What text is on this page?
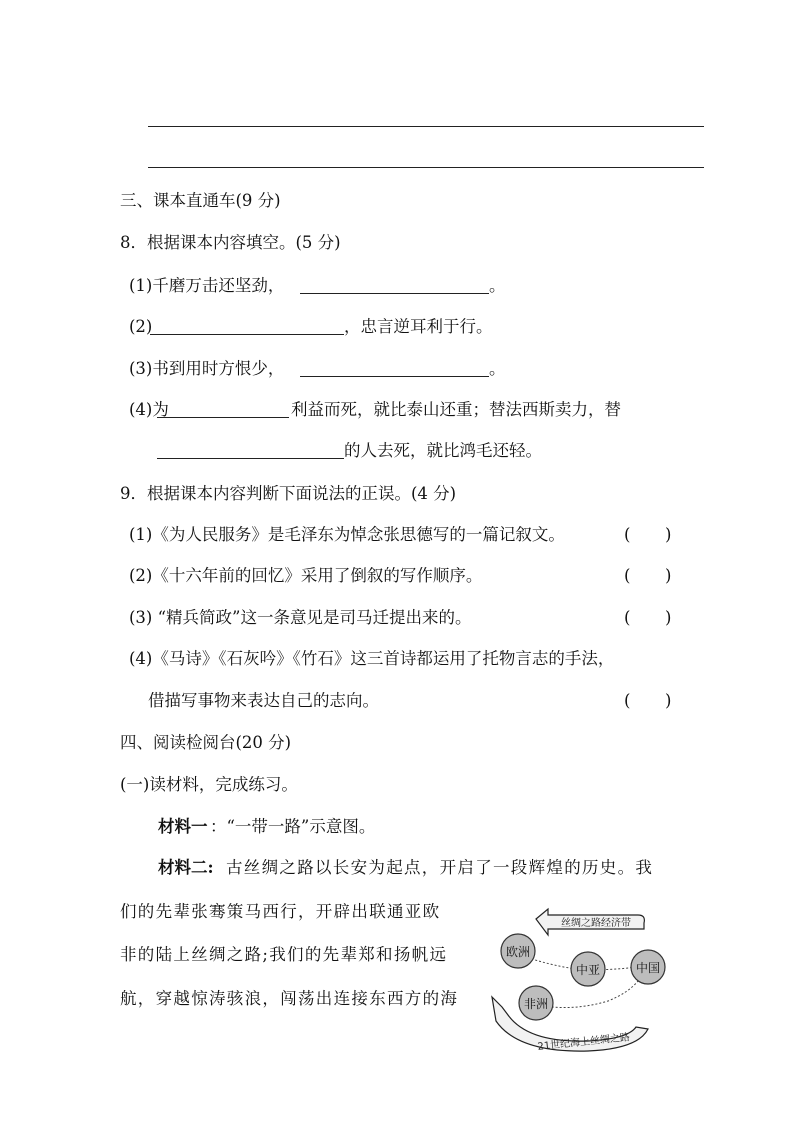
三、课本直通车(9 分)
8．根据课本内容填空。(5 分)
(1)千磨万击还坚劲，	。
(2)	，忠言逆耳利于行。
(3)书到用时方恨少，	。
(4)为	利益而死，就比泰山还重；替法西斯卖力，替
的人去死，就比鸿毛还轻。
9．根据课本内容判断下面说法的正误。(4 分)
(1)《为人民服务》是毛泽东为悼念张思德写的一篇记叙文。	( )
(2)《十六年前的回忆》采用了倒叙的写作顺序。	( )
(3) “精兵简政”这一条意见是司马迁提出来的。	( )
(4)《马诗》《石灰吟》《竹石》这三首诗都运用了托物言志的手法，
借描写事物来表达自己的志向。	( )
四、阅读检阅台(20 分)
(一)读材料，完成练习。
材料一 ：“一带一路”示意图。
材料二: 古丝绸之路以长安为起点，开启了一段辉煌的历史。我
们的先辈张骞策马西行，开辟出联通亚欧
非的陆上丝绸之路;我们的先辈郑和扬帆远
航，穿越惊涛骇浪，闯荡出连接东西方的海
丝绸之路经济带
21世纪海上丝绸之路
欧洲
中亚	中国
非洲
